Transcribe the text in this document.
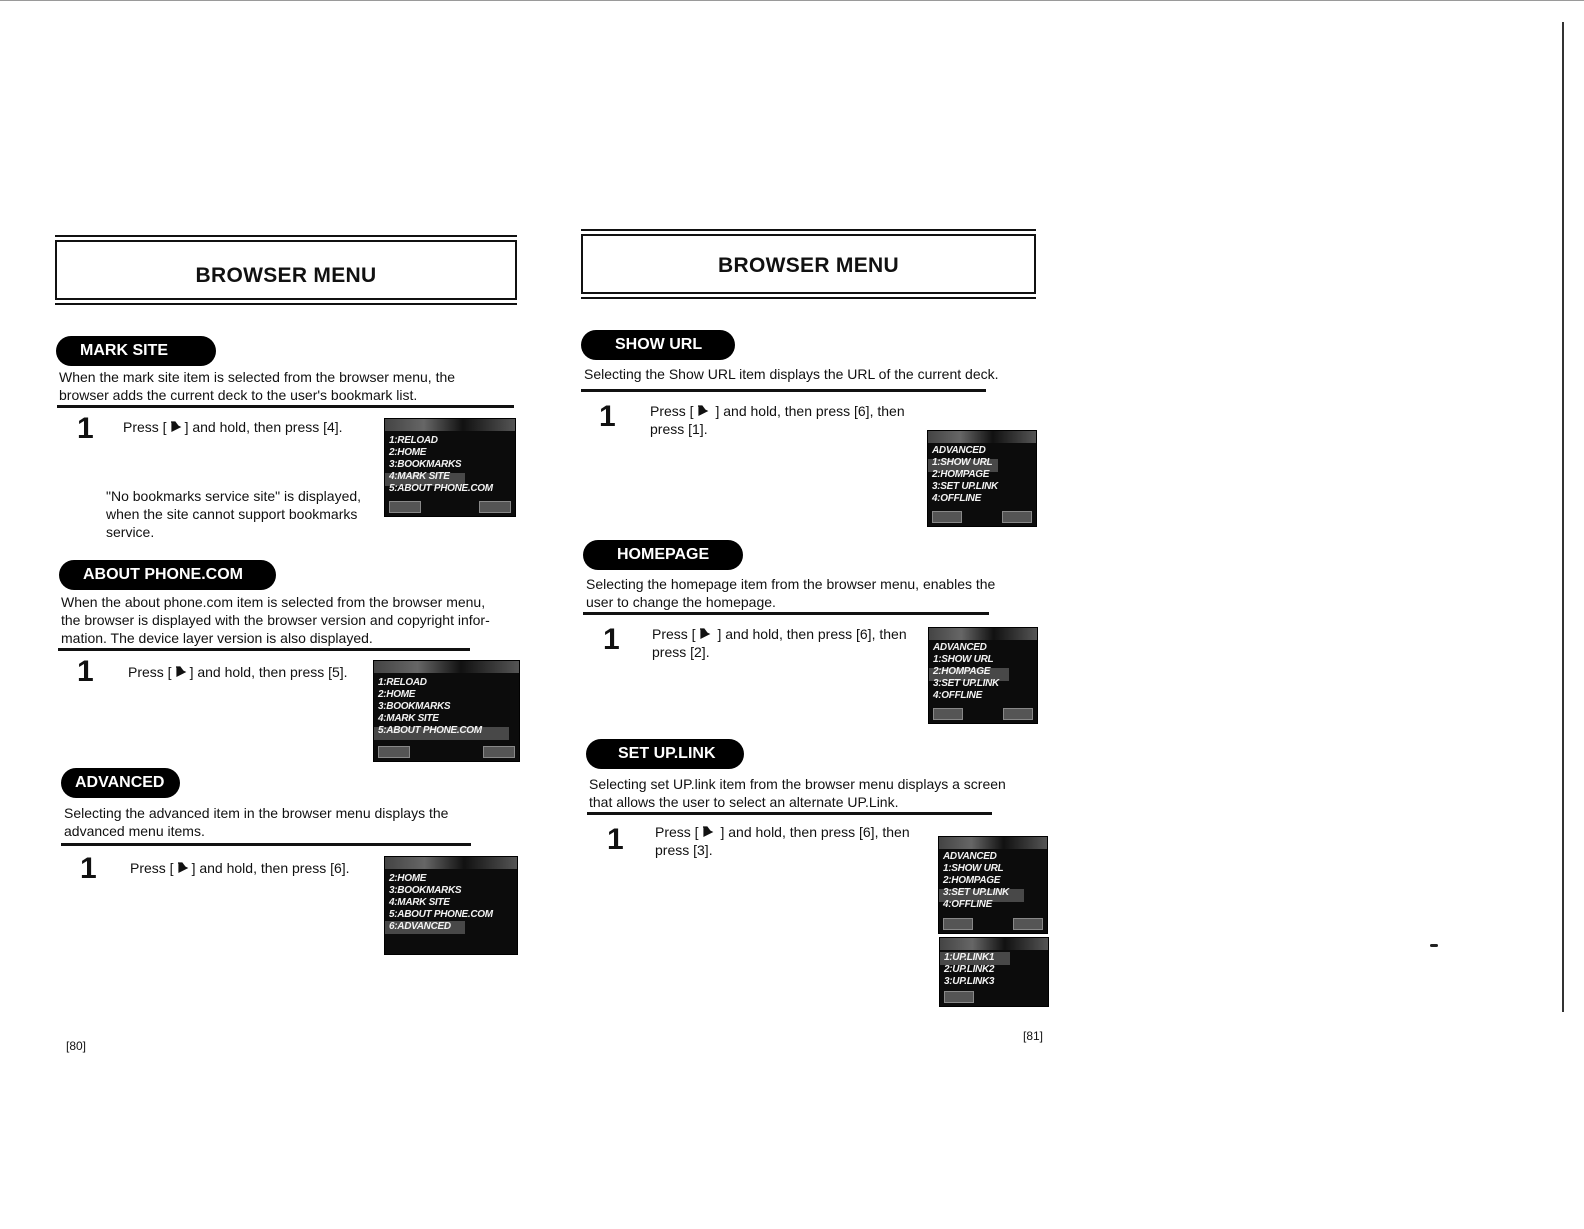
BROWSER MENU
MARK SITE
When the mark site item is selected from the browser menu, the
browser adds the current deck to the user's bookmark list.
1 Press [ ] and hold, then press [4].
"No bookmarks service site" is displayed,
when the site cannot support bookmarks
service.
1:RELOAD
2:HOME
3:BOOKMARKS
4:MARK SITE
5:ABOUT PHONE.COM
ABOUT PHONE.COM
When the about phone.com item is selected from the browser menu,
the browser is displayed with the browser version and copyright infor-
mation. The device layer version is also displayed.
1 Press [ ] and hold, then press [5].
1:RELOAD
2:HOME
3:BOOKMARKS
4:MARK SITE
5:ABOUT PHONE.COM
ADVANCED
Selecting the advanced item in the browser menu displays the
advanced menu items.
1 Press [ ] and hold, then press [6].
2:HOME
3:BOOKMARKS
4:MARK SITE
5:ABOUT PHONE.COM
6:ADVANCED
[80]
BROWSER MENU
SHOW URL
Selecting the Show URL item displays the URL of the current deck.
1 Press [ ] and hold, then press [6], then
press [1].
ADVANCED
1:SHOW URL
2:HOMPAGE
3:SET UP.LINK
4:OFFLINE
HOMEPAGE
Selecting the homepage item from the browser menu, enables the
user to change the homepage.
1 Press [ ] and hold, then press [6], then
press [2].	ADVANCED
1:SHOW URL
2:HOMPAGE
3:SET UP.LINK
4:OFFLINE
SET UP.LINK
Selecting set UP.link item from the browser menu displays a screen
that allows the user to select an alternate UP.Link.
1 Press [ ] and hold, then press [6], then
press [3].	ADVANCED
1:SHOW URL
2:HOMPAGE
3:SET UP.LINK
4:OFFLINE
1:UP.LINK1
2:UP.LINK2
3:UP.LINK3
[81]
